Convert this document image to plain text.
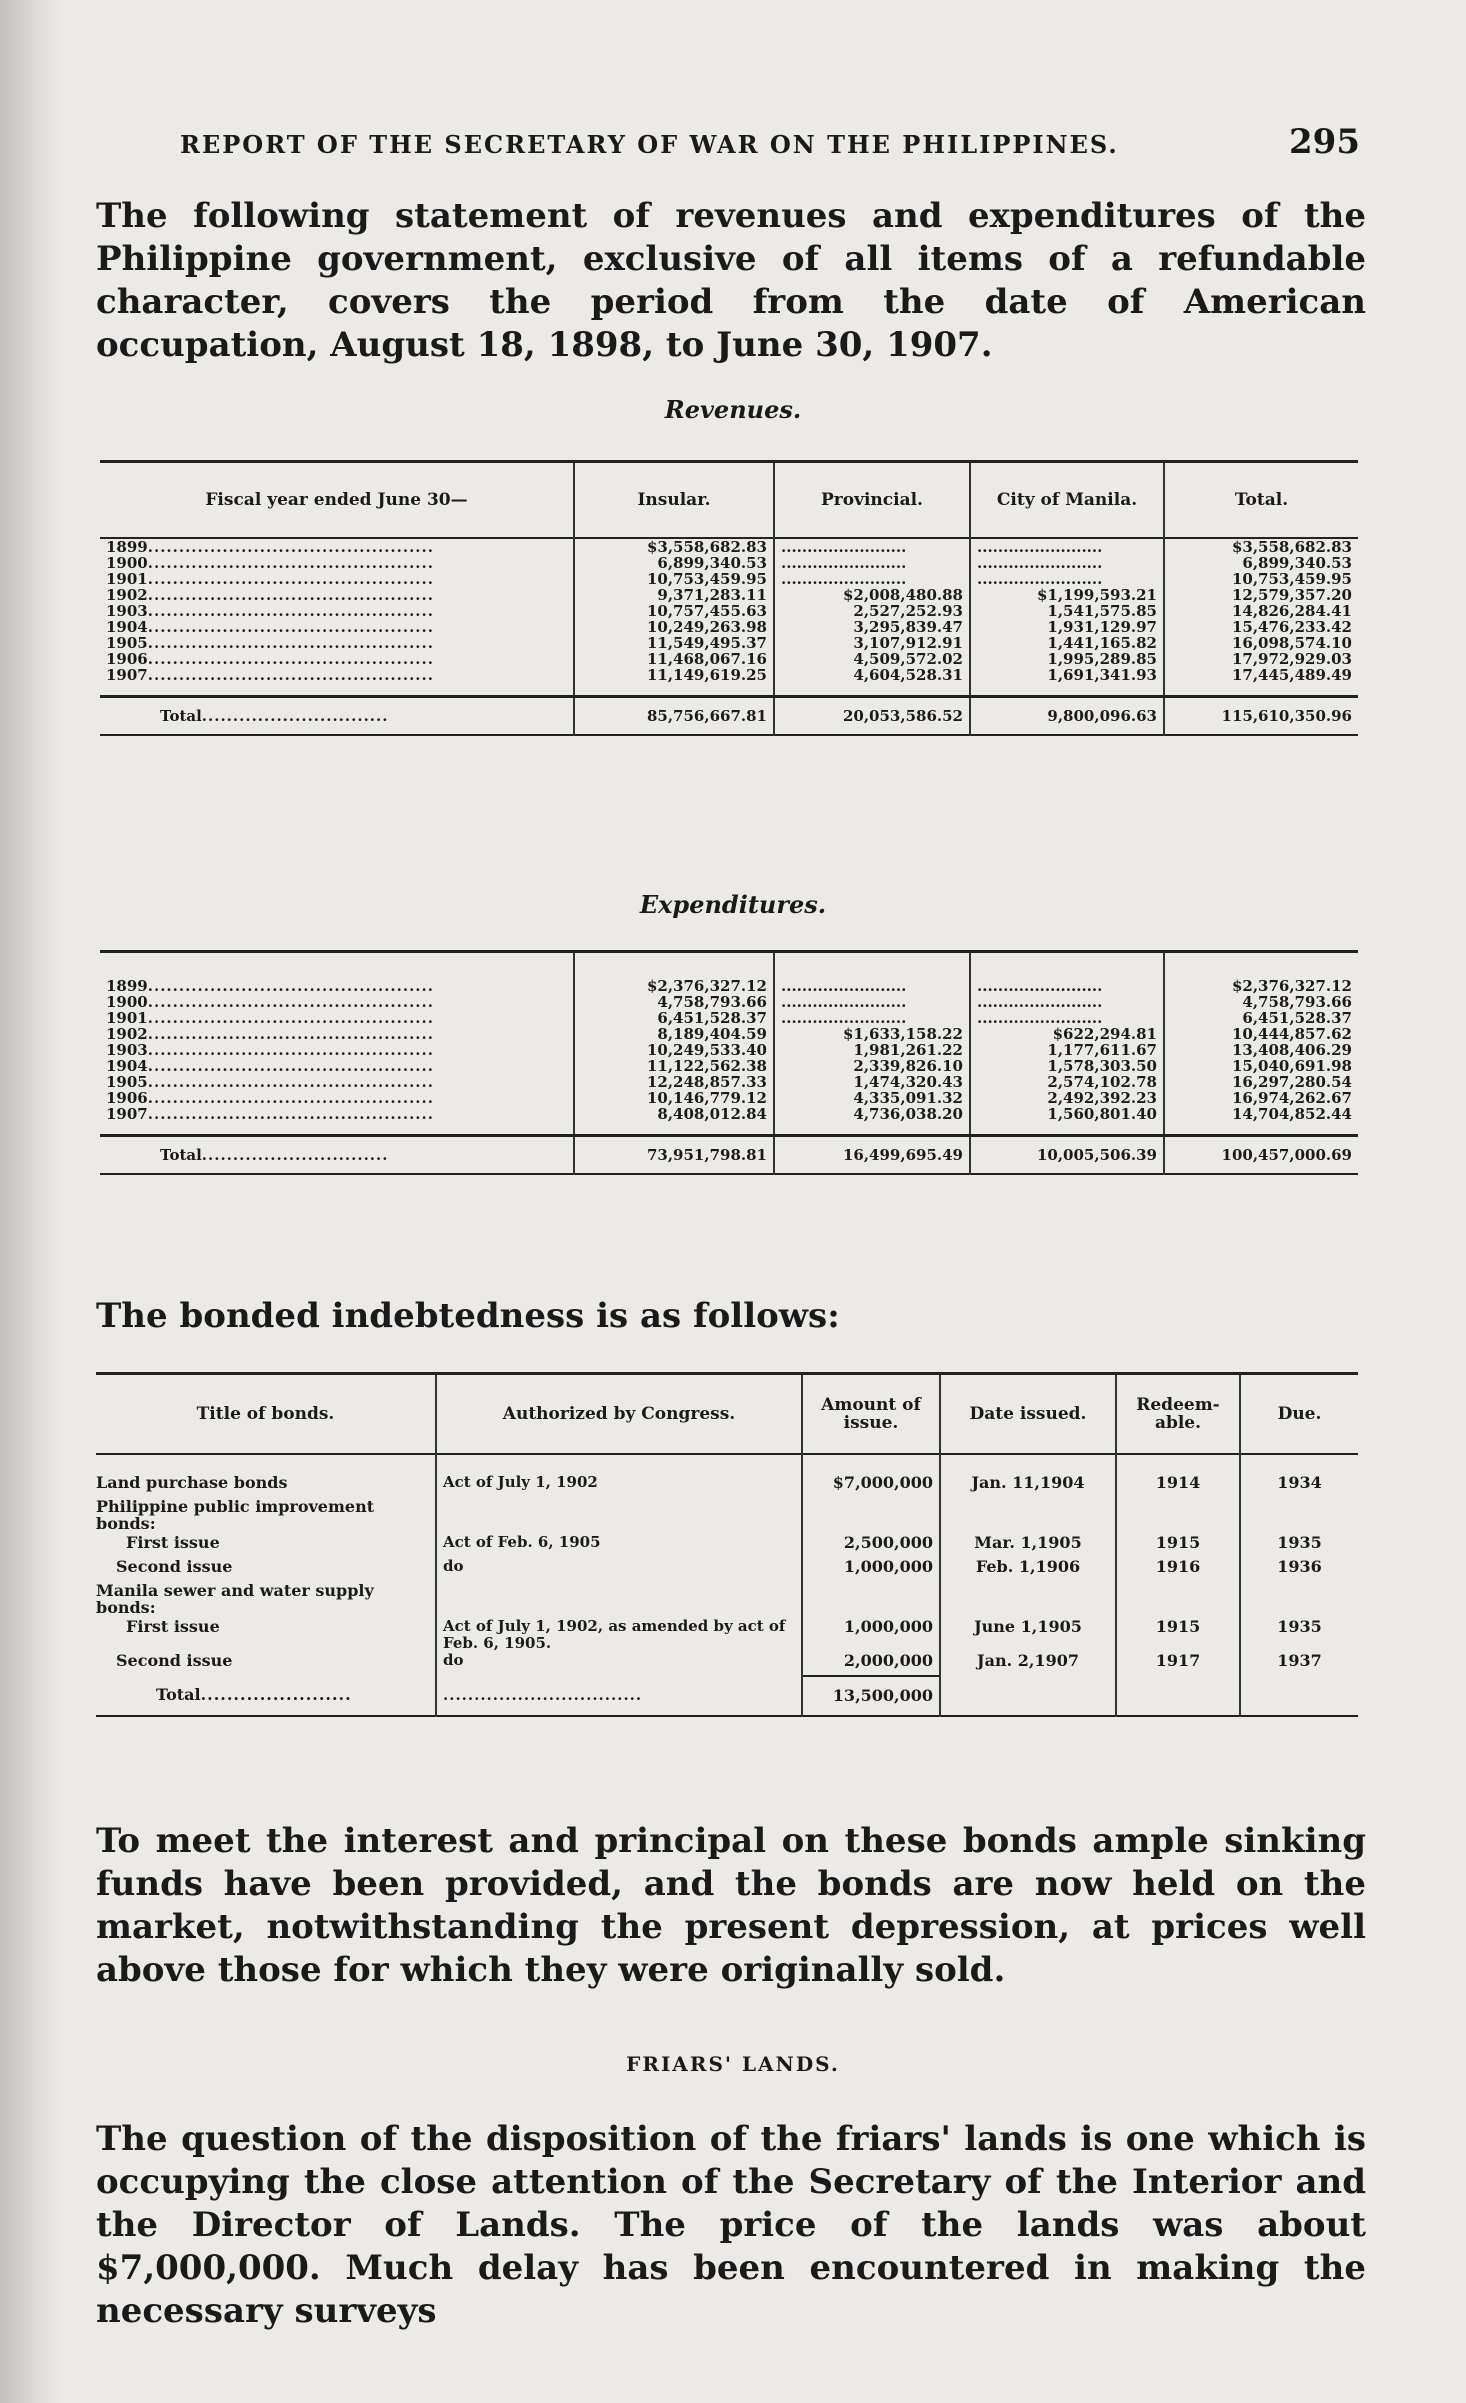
REPORT OF THE SECRETARY OF WAR ON THE PHILIPPINES.	295

The following statement of revenues and expenditures of the Philippine government, exclusive of all items of a refundable character, covers the period from the date of American occupation, August 18, 1898, to June 30, 1907.

Revenues.
Fiscal year ended June 30—	Insular.	Provincial.	City of Manila.	Total.
1899..............................................	$3,558,682.83	........................	........................	$3,558,682.83
1900..............................................	6,899,340.53	........................	........................	6,899,340.53
1901..............................................	10,753,459.95	........................	........................	10,753,459.95
1902..............................................	9,371,283.11	$2,008,480.88	$1,199,593.21	12,579,357.20
1903..............................................	10,757,455.63	2,527,252.93	1,541,575.85	14,826,284.41
1904..............................................	10,249,263.98	3,295,839.47	1,931,129.97	15,476,233.42
1905..............................................	11,549,495.37	3,107,912.91	1,441,165.82	16,098,574.10
1906..............................................	11,468,067.16	4,509,572.02	1,995,289.85	17,972,929.03
1907..............................................	11,149,619.25	4,604,528.31	1,691,341.93	17,445,489.49

Total..............................	85,756,667.81	20,053,586.52	9,800,096.63	115,610,350.96
Expenditures.

1899..............................................	$2,376,327.12	........................	........................	$2,376,327.12
1900..............................................	4,758,793.66	........................	........................	4,758,793.66
1901..............................................	6,451,528.37	........................	........................	6,451,528.37
1902..............................................	8,189,404.59	$1,633,158.22	$622,294.81	10,444,857.62
1903..............................................	10,249,533.40	1,981,261.22	1,177,611.67	13,408,406.29
1904..............................................	11,122,562.38	2,339,826.10	1,578,303.50	15,040,691.98
1905..............................................	12,248,857.33	1,474,320.43	2,574,102.78	16,297,280.54
1906..............................................	10,146,779.12	4,335,091.32	2,492,392.23	16,974,262.67
1907..............................................	8,408,012.84	4,736,038.20	1,560,801.40	14,704,852.44

Total..............................	73,951,798.81	16,499,695.49	10,005,506.39	100,457,000.69
The bonded indebtedness is as follows:
Title of bonds.	Authorized by Congress.	Amount of issue.	Date issued.	Redeem-able.	Due.

Land purchase bonds	Act of July 1, 1902	$7,000,000	Jan. 11,1904	1914	1934
Philippine public improvement bonds:					
First issue	Act of Feb. 6, 1905	2,500,000	Mar. 1,1905	1915	1935
Second issue	do	1,000,000	Feb. 1,1906	1916	1936
Manila sewer and water supply bonds:					
First issue	Act of July 1, 1902, as amended by act of Feb. 6, 1905.	1,000,000	June 1,1905	1915	1935
Second issue	do	2,000,000	Jan. 2,1907	1917	1937
Total.......................	................................	13,500,000			

To meet the interest and principal on these bonds ample sinking funds have been provided, and the bonds are now held on the market, notwithstanding the present depression, at prices well above those for which they were originally sold.

FRIARS' LANDS.

The question of the disposition of the friars' lands is one which is occupying the close attention of the Secretary of the Interior and the Director of Lands. The price of the lands was about $7,000,000. Much delay has been encountered in making the necessary surveys
